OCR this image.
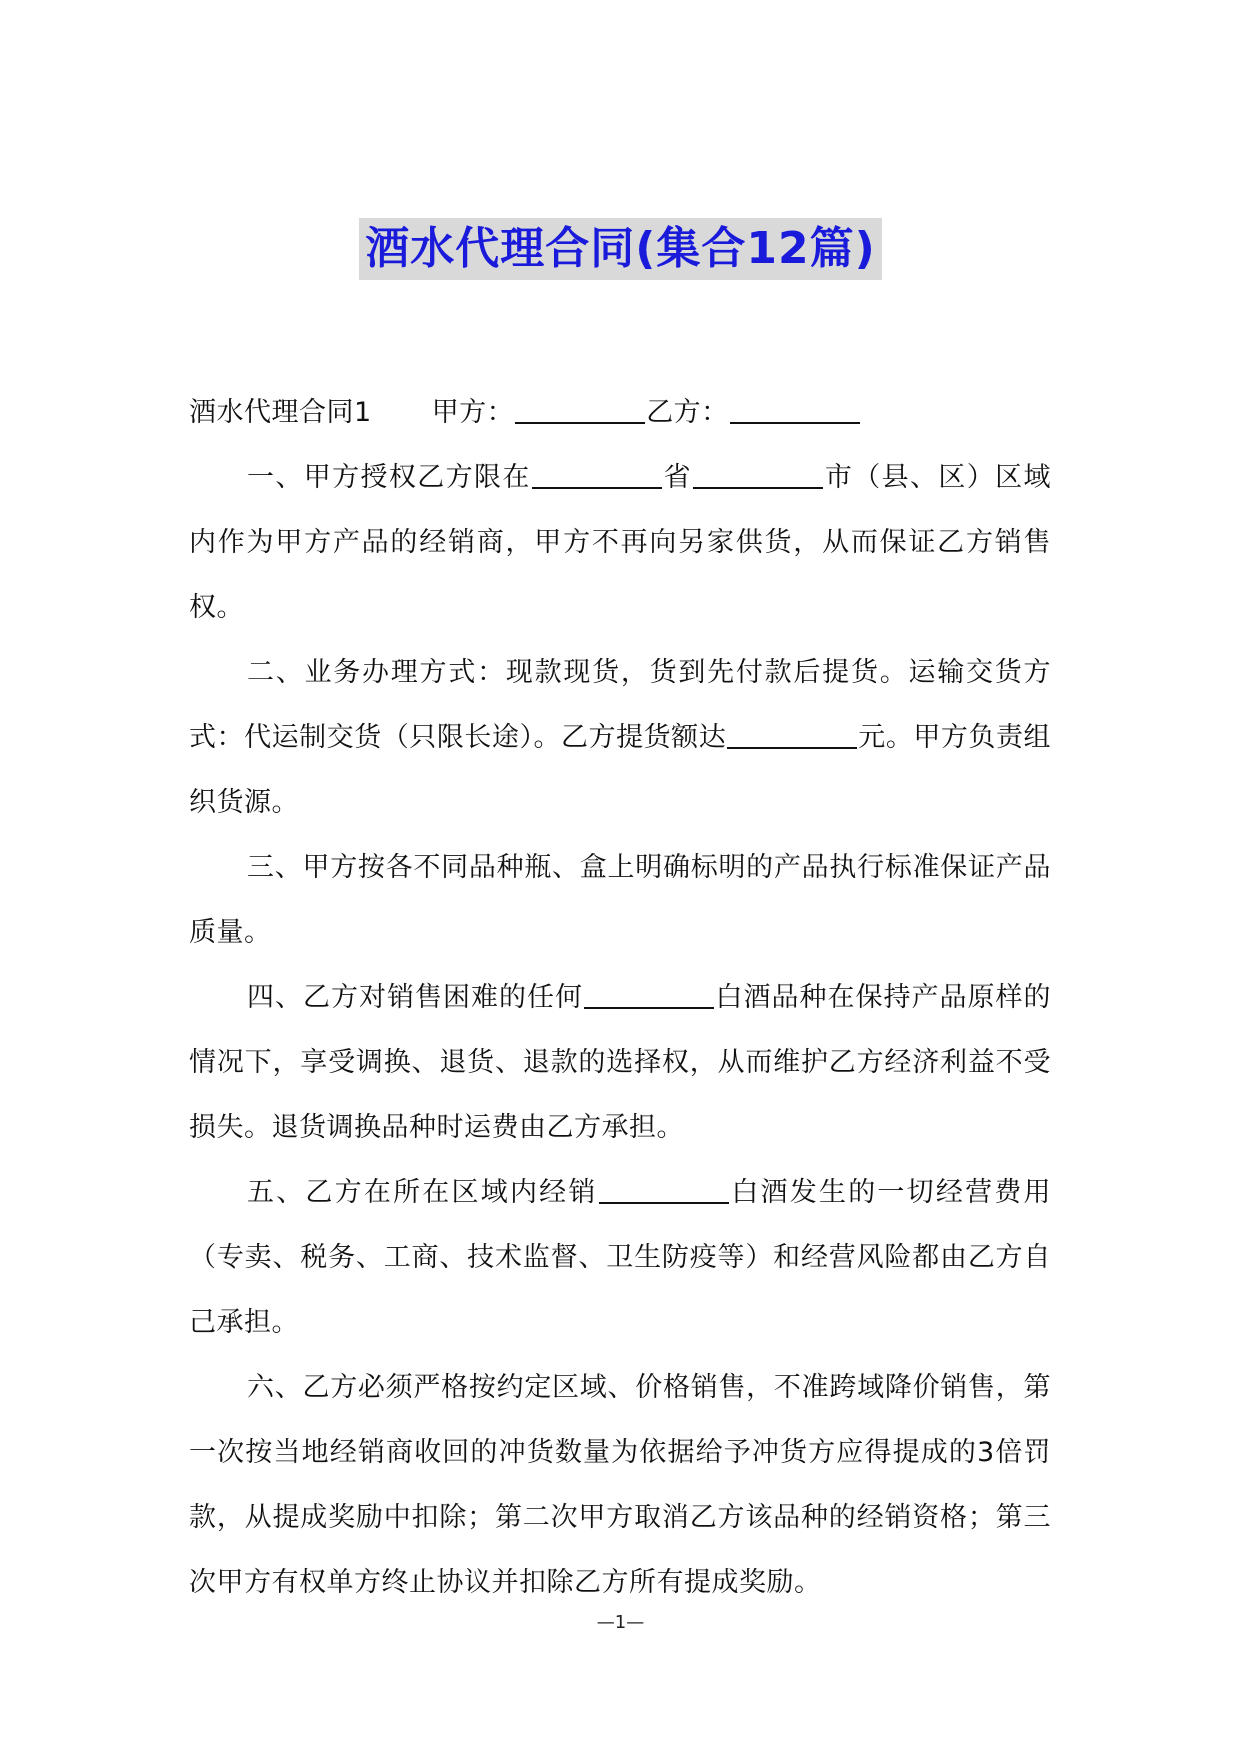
酒水代理合同(集合12篇)

酒水代理合同1 甲方：	乙方：

一、甲方授权乙方限在	省	市（县、区）区域内作为甲方产品的经销商，甲方不再向另家供货，从而保证乙方销售权。

二、业务办理方式：现款现货，货到先付款后提货。运输交货方式：代运制交货（只限长途）。乙方提货额达	元。甲方负责组织货源。

三、甲方按各不同品种瓶、盒上明确标明的产品执行标准保证产品质量。

四、乙方对销售困难的任何	白酒品种在保持产品原样的情况下，享受调换、退货、退款的选择权，从而维护乙方经济利益不受损失。退货调换品种时运费由乙方承担。

五、乙方在所在区域内经销	白酒发生的一切经营费用（专卖、税务、工商、技术监督、卫生防疫等）和经营风险都由乙方自己承担。

六、乙方必须严格按约定区域、价格销售，不准跨域降价销售，第一次按当地经销商收回的冲货数量为依据给予冲货方应得提成的3倍罚款，从提成奖励中扣除；第二次甲方取消乙方该品种的经销资格；第三次甲方有权单方终止协议并扣除乙方所有提成奖励。

—1—
